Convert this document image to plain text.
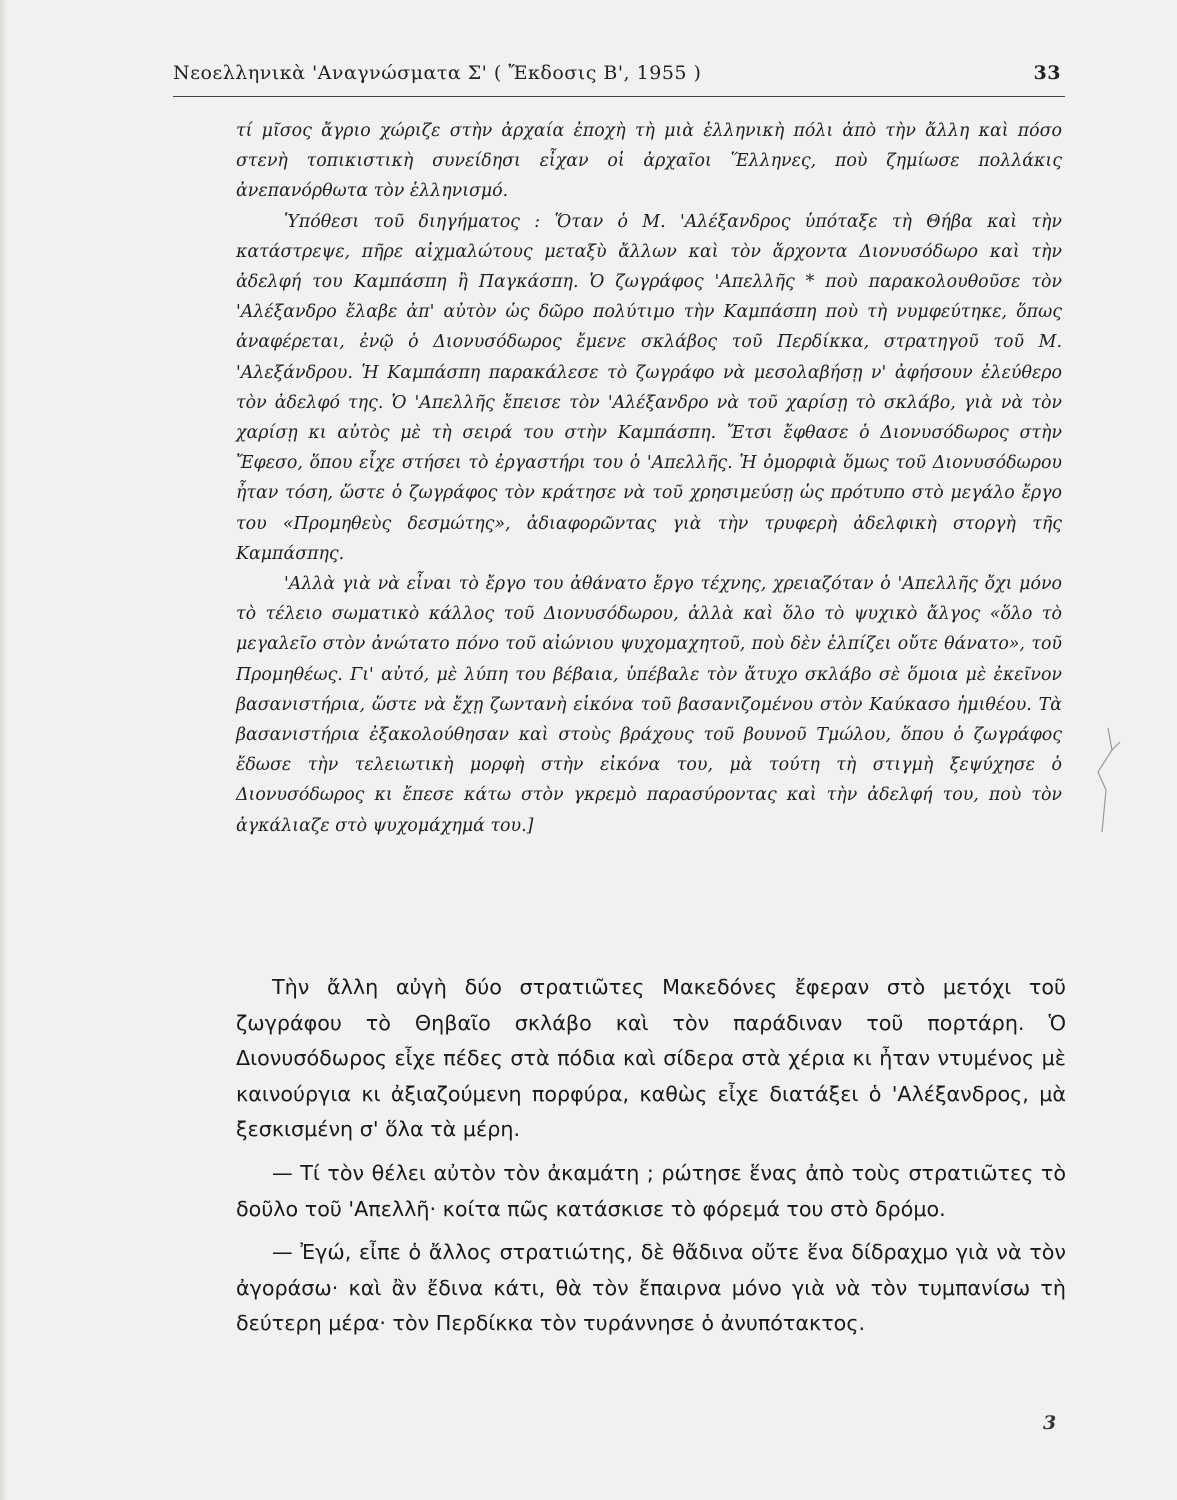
Νεοελληνικὰ 'Αναγνώσματα Σ' ( Ἔκδοσις Β', 1955 )	33

τί μῖσος ἄγριο χώριζε στὴν ἀρχαία ἐποχὴ τὴ μιὰ ἑλληνικὴ πόλι ἀπὸ τὴν ἄλλη καὶ πόσο στενὴ τοπικιστικὴ συνείδησι εἶχαν οἱ ἀρχαῖοι Ἕλληνες, ποὺ ζημίωσε πολλάκις ἀνεπανόρθωτα τὸν ἑλληνισμό.

Ὑπόθεσι τοῦ διηγήματος : Ὅταν ὁ Μ. 'Αλέξανδρος ὑπόταξε τὴ Θήβα καὶ τὴν κατάστρεψε, πῆρε αἰχμαλώτους μεταξὺ ἄλλων καὶ τὸν ἄρχοντα Διονυσόδωρο καὶ τὴν ἀδελφή του Καμπάσπη ἢ Παγκάσπη. Ὁ ζωγράφος 'Απελλῆς * ποὺ παρακολουθοῦσε τὸν 'Αλέξανδρο ἔλαβε ἀπ' αὐτὸν ὡς δῶρο πολύτιμο τὴν Καμπάσπη ποὺ τὴ νυμφεύτηκε, ὅπως ἀναφέρεται, ἐνῷ ὁ Διονυσόδωρος ἔμενε σκλάβος τοῦ Περδίκκα, στρατηγοῦ τοῦ Μ. 'Αλεξάνδρου. Ἡ Καμπάσπη παρακάλεσε τὸ ζωγράφο νὰ μεσολαβήσῃ ν' ἀφήσουν ἐλεύθερο τὸν ἀδελφό της. Ὁ 'Απελλῆς ἔπεισε τὸν 'Αλέξανδρο νὰ τοῦ χαρίσῃ τὸ σκλάβο, γιὰ νὰ τὸν χαρίσῃ κι αὐτὸς μὲ τὴ σειρά του στὴν Καμπάσπη. Ἔτσι ἔφθασε ὁ Διονυσόδωρος στὴν Ἔφεσο, ὅπου εἶχε στήσει τὸ ἐργαστήρι του ὁ 'Απελλῆς. Ἡ ὀμορφιὰ ὅμως τοῦ Διονυσόδωρου ἦταν τόση, ὥστε ὁ ζωγράφος τὸν κράτησε νὰ τοῦ χρησιμεύσῃ ὡς πρότυπο στὸ μεγάλο ἔργο του «Προμηθεὺς δεσμώτης», ἀδιαφορῶντας γιὰ τὴν τρυφερὴ ἀδελφικὴ στοργὴ τῆς Καμπάσπης.

'Αλλὰ γιὰ νὰ εἶναι τὸ ἔργο του ἀθάνατο ἔργο τέχνης, χρειαζόταν ὁ 'Απελλῆς ὄχι μόνο τὸ τέλειο σωματικὸ κάλλος τοῦ Διονυσόδωρου, ἀλλὰ καὶ ὅλο τὸ ψυχικὸ ἄλγος «ὅλο τὸ μεγαλεῖο στὸν ἀνώτατο πόνο τοῦ αἰώνιου ψυχομαχητοῦ, ποὺ δὲν ἐλπίζει οὔτε θάνατο», τοῦ Προμηθέως. Γι' αὐτό, μὲ λύπη του βέβαια, ὑπέβαλε τὸν ἄτυχο σκλάβο σὲ ὅμοια μὲ ἐκεῖνον βασανιστήρια, ὥστε νὰ ἔχῃ ζωντανὴ εἰκόνα τοῦ βασανιζομένου στὸν Καύκασο ἡμιθέου. Τὰ βασανιστήρια ἐξακολούθησαν καὶ στοὺς βράχους τοῦ βουνοῦ Τμώλου, ὅπου ὁ ζωγράφος ἔδωσε τὴν τελειωτικὴ μορφὴ στὴν εἰκόνα του, μὰ τούτη τὴ στιγμὴ ξεψύχησε ὁ Διονυσόδωρος κι ἔπεσε κάτω στὸν γκρεμὸ παρασύροντας καὶ τὴν ἀδελφή του, ποὺ τὸν ἀγκάλιαζε στὸ ψυχομάχημά του.]

Τὴν ἄλλη αὐγὴ δύο στρατιῶτες Μακεδόνες ἔφεραν στὸ μετόχι τοῦ ζωγράφου τὸ Θηβαῖο σκλάβο καὶ τὸν παράδιναν τοῦ πορτάρη. Ὁ Διονυσόδωρος εἶχε πέδες στὰ πόδια καὶ σίδερα στὰ χέρια κι ἦταν ντυμένος μὲ καινούργια κι ἀξιαζούμενη πορφύρα, καθὼς εἶχε διατάξει ὁ 'Αλέξανδρος, μὰ ξεσκισμένη σ' ὅλα τὰ μέρη.

— Τί τὸν θέλει αὐτὸν τὸν ἀκαμάτη ; ρώτησε ἕνας ἀπὸ τοὺς στρατιῶτες τὸ δοῦλο τοῦ 'Απελλῆ· κοίτα πῶς κατάσκισε τὸ φόρεμά του στὸ δρόμο.

— Ἐγώ, εἶπε ὁ ἄλλος στρατιώτης, δὲ θἄδινα οὔτε ἕνα δίδραχμο γιὰ νὰ τὸν ἀγοράσω· καὶ ἂν ἔδινα κάτι, θὰ τὸν ἔπαιρνα μόνο γιὰ νὰ τὸν τυμπανίσω τὴ δεύτερη μέρα· τὸν Περδίκκα τὸν τυράννησε ὁ ἀνυπότακτος.

3
